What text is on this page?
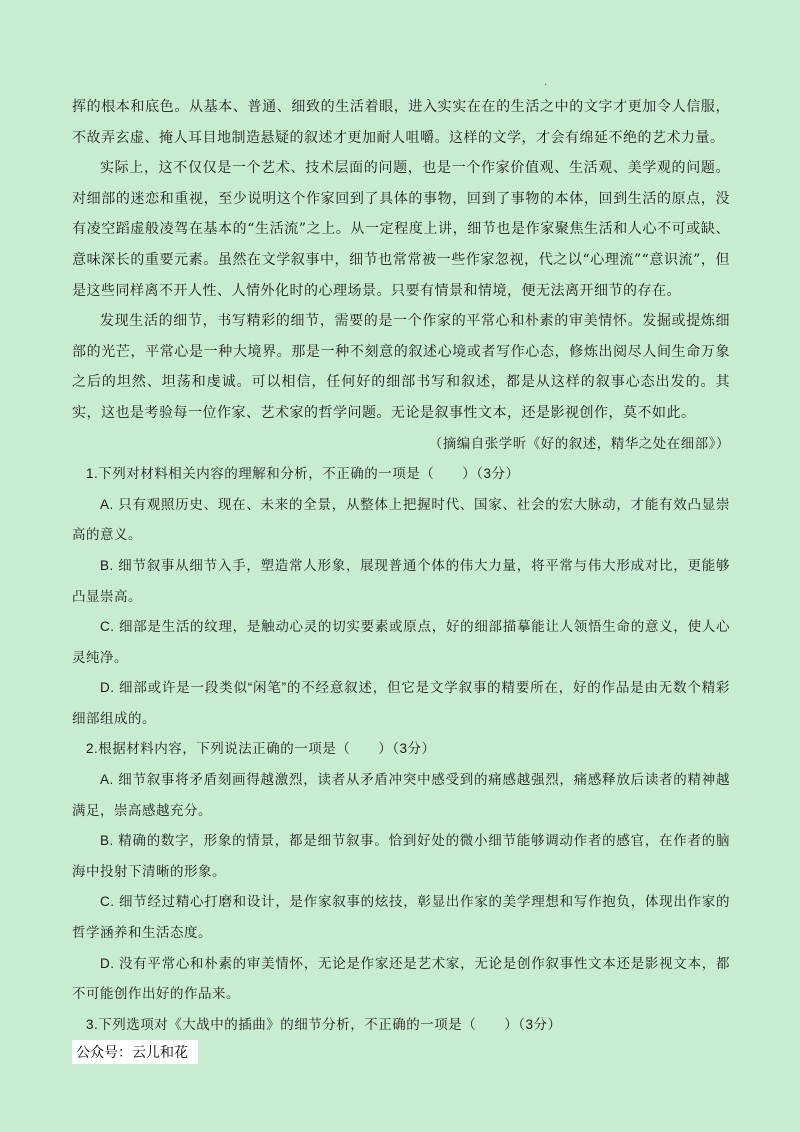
·

挥的根本和底色。从基本、普通、细致的生活着眼，进入实实在在的生活之中的文字才更加令人信服，不故弄玄虚、掩人耳目地制造悬疑的叙述才更加耐人咀嚼。这样的文学，才会有绵延不绝的艺术力量。

实际上，这不仅仅是一个艺术、技术层面的问题，也是一个作家价值观、生活观、美学观的问题。对细部的迷恋和重视，至少说明这个作家回到了具体的事物，回到了事物的本体，回到生活的原点，没有凌空蹈虚般凌驾在基本的“生活流”之上。从一定程度上讲，细节也是作家聚焦生活和人心不可或缺、意味深长的重要元素。虽然在文学叙事中，细节也常常被一些作家忽视，代之以“心理流”“意识流”，但是这些同样离不开人性、人情外化时的心理场景。只要有情景和情境，便无法离开细节的存在。

发现生活的细节，书写精彩的细节，需要的是一个作家的平常心和朴素的审美情怀。发掘或提炼细部的光芒，平常心是一种大境界。那是一种不刻意的叙述心境或者写作心态，修炼出阅尽人间生命万象之后的坦然、坦荡和虔诚。可以相信，任何好的细部书写和叙述，都是从这样的叙事心态出发的。其实，这也是考验每一位作家、艺术家的哲学问题。无论是叙事性文本，还是影视创作，莫不如此。

（摘编自张学昕《好的叙述，精华之处在细部》）

1.下列对材料相关内容的理解和分析，不正确的一项是（　　）（3分）

A. 只有观照历史、现在、未来的全景，从整体上把握时代、国家、社会的宏大脉动，才能有效凸显崇高的意义。

B. 细节叙事从细节入手，塑造常人形象，展现普通个体的伟大力量，将平常与伟大形成对比，更能够凸显崇高。

C. 细部是生活的纹理，是触动心灵的切实要素或原点，好的细部描摹能让人领悟生命的意义，使人心灵纯净。

D. 细部或许是一段类似“闲笔”的不经意叙述，但它是文学叙事的精要所在，好的作品是由无数个精彩细部组成的。

2.根据材料内容，下列说法正确的一项是（　　）（3分）

A. 细节叙事将矛盾刻画得越激烈，读者从矛盾冲突中感受到的痛感越强烈，痛感释放后读者的精神越满足，崇高感越充分。

B. 精确的数字，形象的情景，都是细节叙事。恰到好处的微小细节能够调动作者的感官，在作者的脑海中投射下清晰的形象。

C. 细节经过精心打磨和设计，是作家叙事的炫技，彰显出作家的美学理想和写作抱负，体现出作家的哲学涵养和生活态度。

D. 没有平常心和朴素的审美情怀，无论是作家还是艺术家，无论是创作叙事性文本还是影视文本，都不可能创作出好的作品来。

3.下列选项对《大战中的插曲》的细节分析，不正确的一项是（　　）（3分）

公众号：云儿和花
